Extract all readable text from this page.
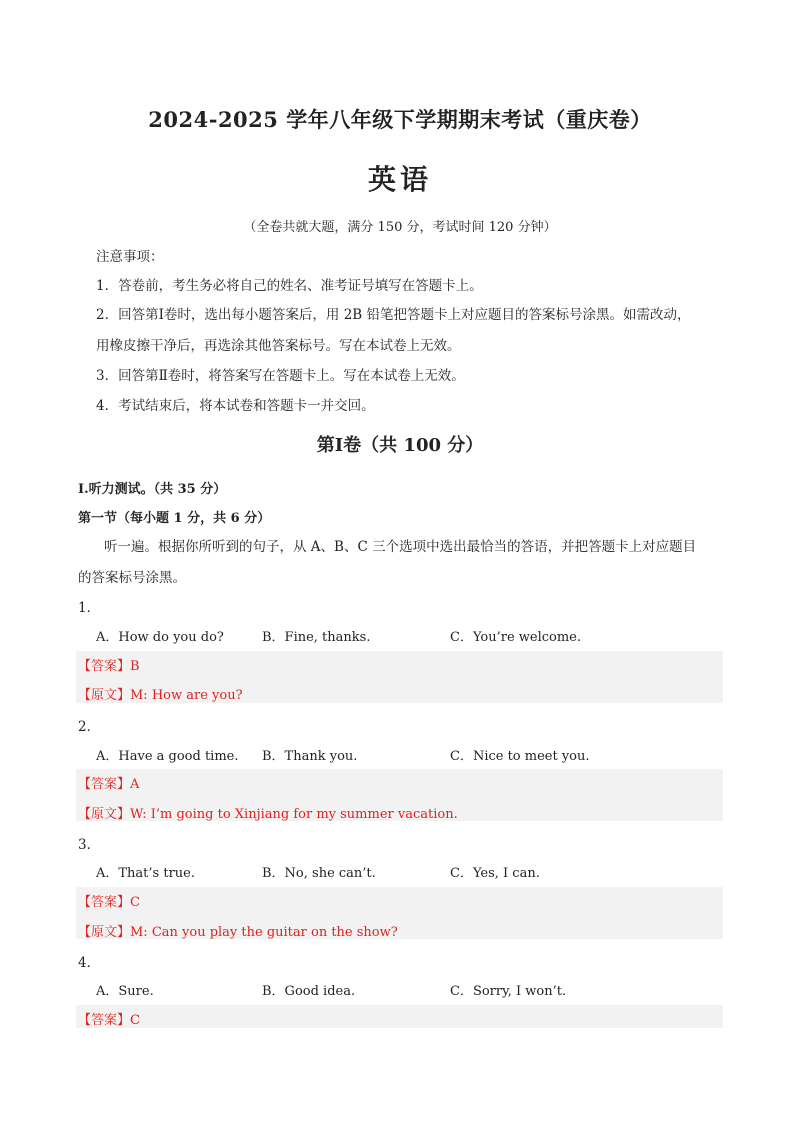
2024-2025 学年八年级下学期期末考试（重庆卷）
英语
（全卷共就大题，满分 150 分，考试时间 120 分钟）
注意事项：
1．答卷前，考生务必将自己的姓名、准考证号填写在答题卡上。
2．回答第Ⅰ卷时，选出每小题答案后，用 2B 铅笔把答题卡上对应题目的答案标号涂黑。如需改动，
用橡皮擦干净后，再选涂其他答案标号。写在本试卷上无效。
3．回答第Ⅱ卷时，将答案写在答题卡上。写在本试卷上无效。
4．考试结束后，将本试卷和答题卡一并交回。
第Ⅰ卷（共 100 分）
I.听力测试。（共 35 分）
第一节（每小题 1 分，共 6 分）
听一遍。根据你所听到的句子，从 A、B、C 三个选项中选出最恰当的答语，并把答题卡上对应题目
的答案标号涂黑。
1．
A．How do you do?	B．Fine, thanks.	C．You’re welcome.
【答案】B
【原文】M: How are you?
2．
A．Have a good time. B．Thank you.	C．Nice to meet you.
【答案】A
【原文】W: I’m going to Xinjiang for my summer vacation.
3．
A．That’s true.	B．No, she can’t.	C．Yes, I can.
【答案】C
【原文】M: Can you play the guitar on the show?
4．
A．Sure.	B．Good idea.	C．Sorry, I won’t.
【答案】C
